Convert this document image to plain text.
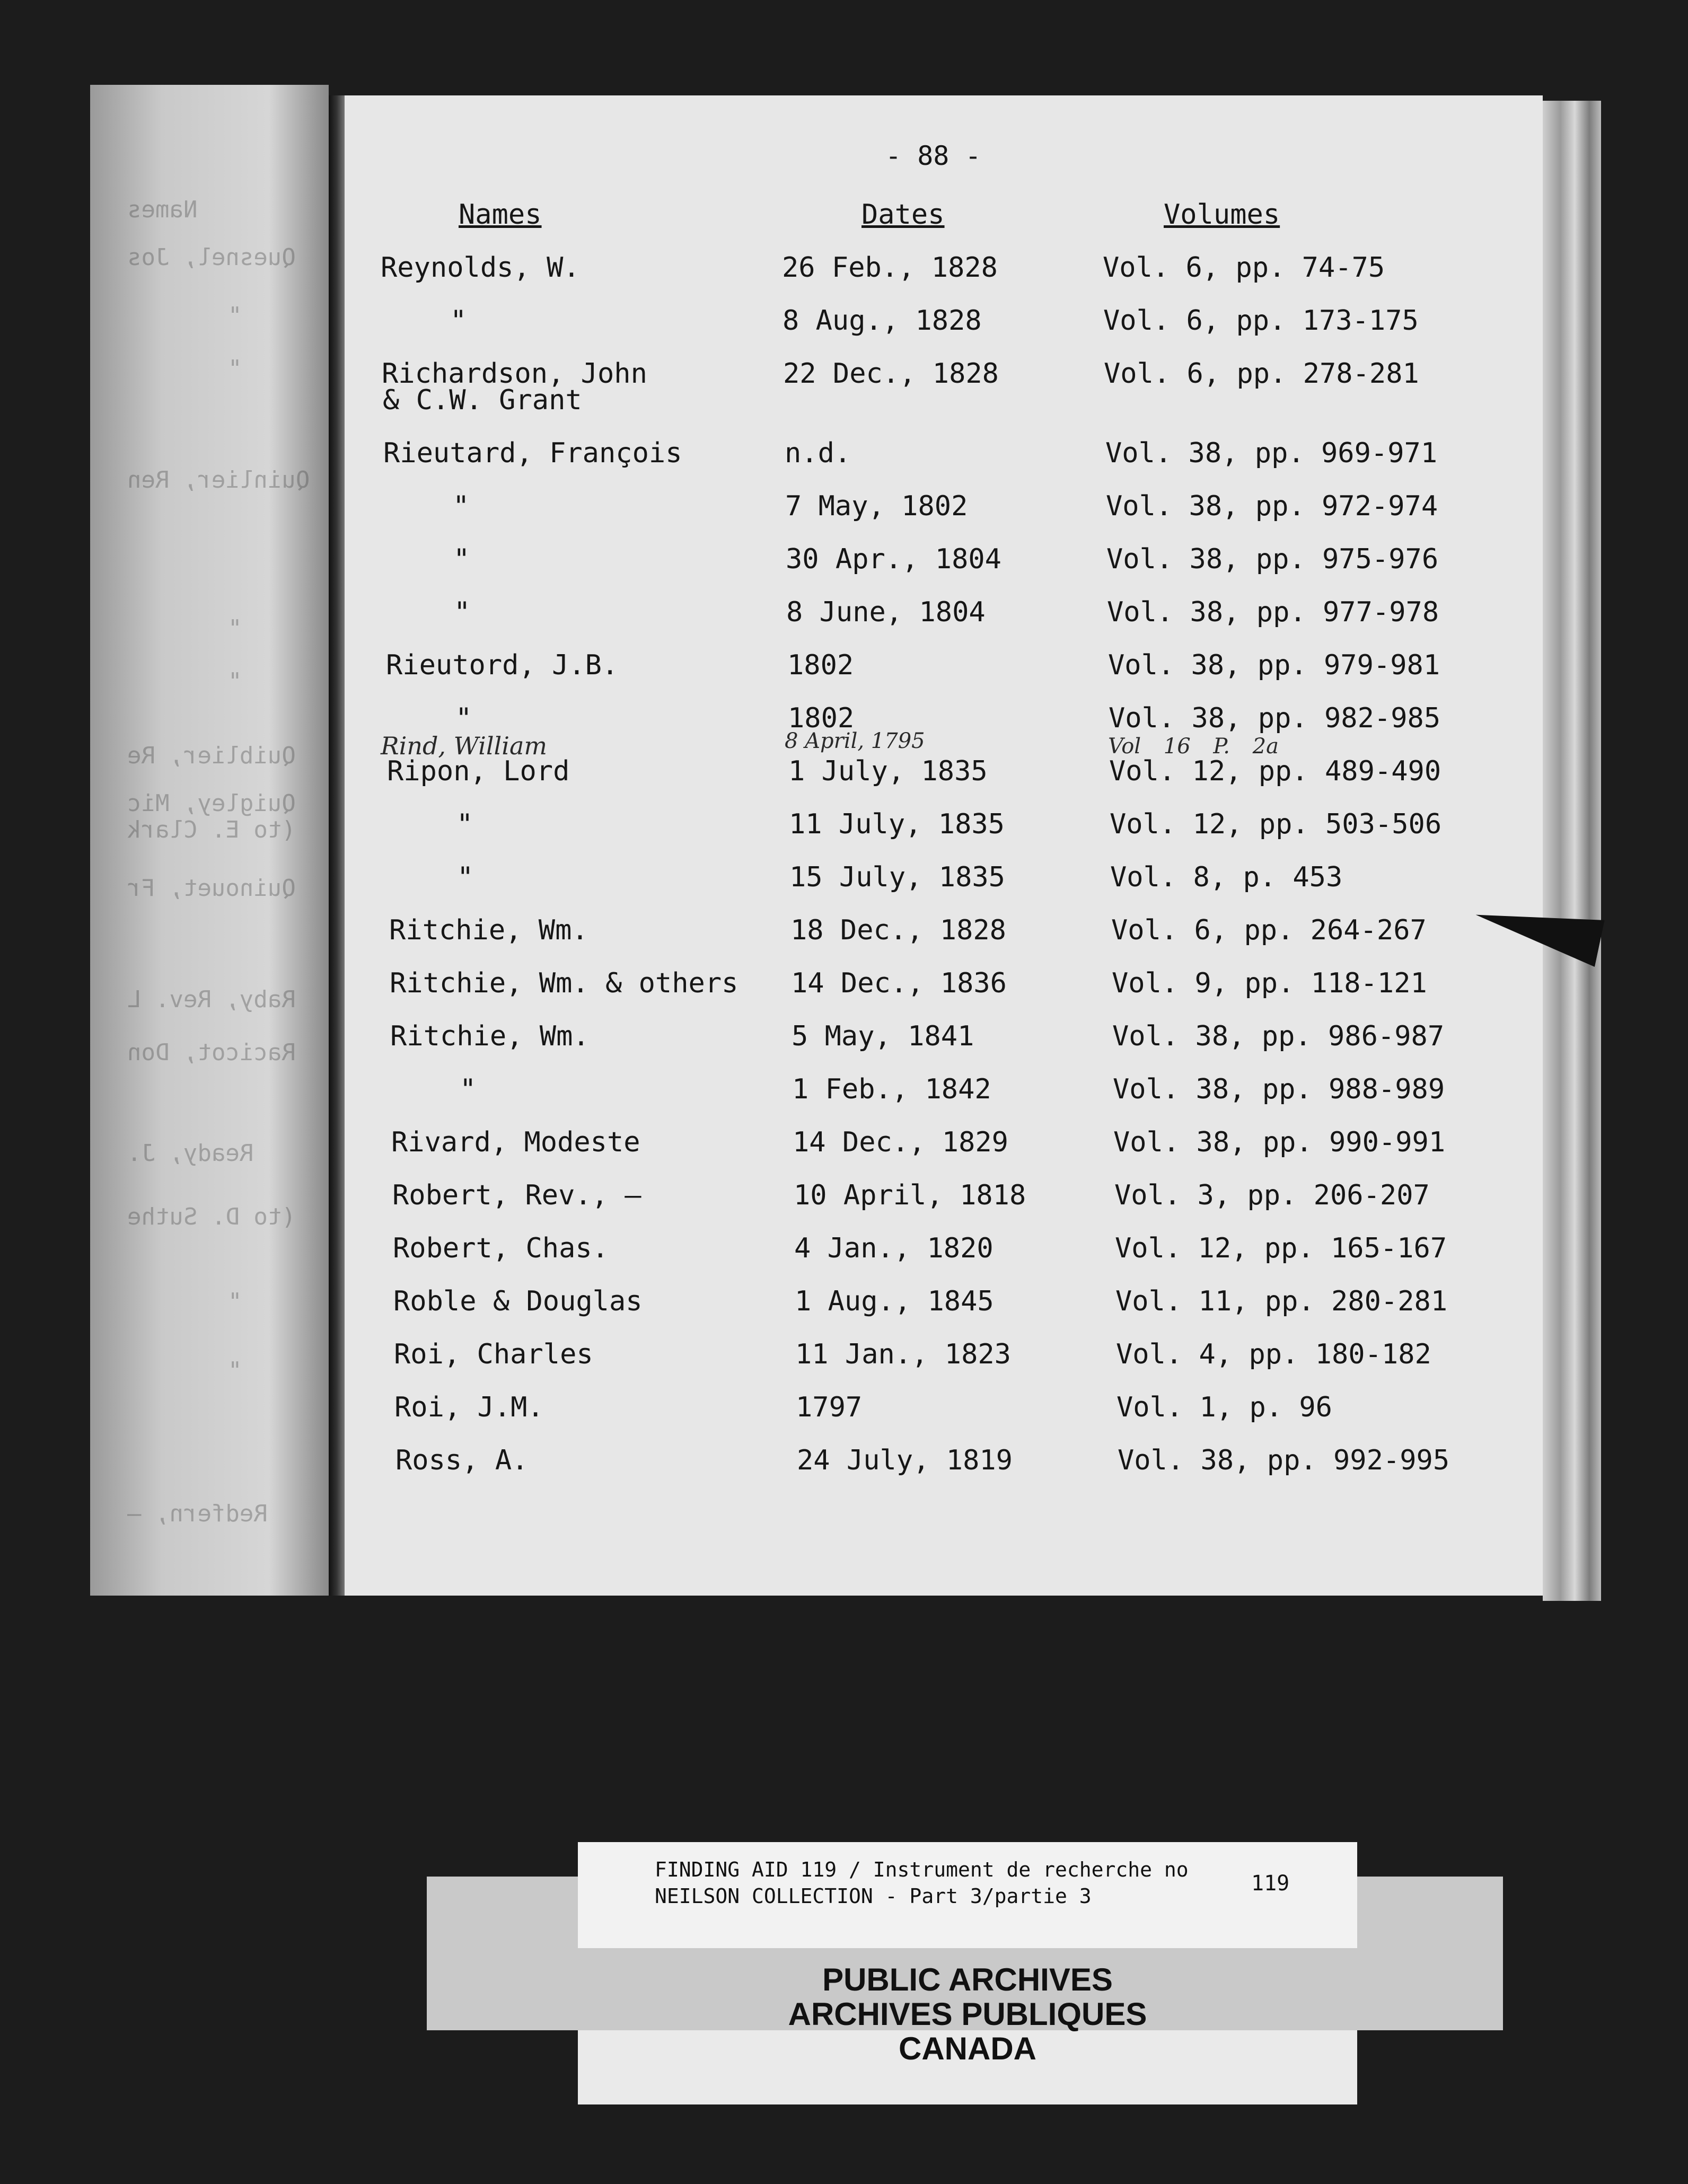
Names
Quesnel, Jos
"
"
Quinlier, Ren
"
"
Quiblier, Re
Quigley, Mic
(to E. Clark
Quinouet, Fr
Raby, Rev. L
Racicot, Don
Ready, J.
(to D. Suthe
"
"
Redfern, —
- 88 -
Names	Dates	Volumes
Reynolds, W.	26 Feb., 1828	Vol. 6, pp. 74-75
"	8 Aug., 1828	Vol. 6, pp. 173-175
Richardson, John	22 Dec., 1828	Vol. 6, pp. 278-281
& C.W. Grant
Rieutard, François	n.d.	Vol. 38, pp. 969-971
"	7 May, 1802	Vol. 38, pp. 972-974
"	30 Apr., 1804	Vol. 38, pp. 975-976
"	8 June, 1804	Vol. 38, pp. 977-978
Rieutord, J.B.	1802	Vol. 38, pp. 979-981
"	1802	Vol. 38, pp. 982-985
Ripon, Lord	1 July, 1835	Vol. 12, pp. 489-490
"	11 July, 1835	Vol. 12, pp. 503-506
"	15 July, 1835	Vol. 8, p. 453
Ritchie, Wm.	18 Dec., 1828	Vol. 6, pp. 264-267
Ritchie, Wm. & others 14 Dec., 1836	Vol. 9, pp. 118-121
Ritchie, Wm.	5 May, 1841	Vol. 38, pp. 986-987
"	1 Feb., 1842	Vol. 38, pp. 988-989
Rivard, Modeste	14 Dec., 1829	Vol. 38, pp. 990-991
Robert, Rev., —	10 April, 1818	Vol. 3, pp. 206-207
Robert, Chas.	4 Jan., 1820	Vol. 12, pp. 165-167
Roble & Douglas	1 Aug., 1845	Vol. 11, pp. 280-281
Roi, Charles	11 Jan., 1823	Vol. 4, pp. 180-182
Roi, J.M.	1797	Vol. 1, p. 96
Ross, A.	24 July, 1819	Vol. 38, pp. 992-995
Rind, William	8 April, 1795	Vol 16 P. 2a
FINDING AID 119 / Instrument de recherche no
NEILSON COLLECTION - Part 3/partie 3
119
PUBLIC ARCHIVES
ARCHIVES PUBLIQUES
CANADA
